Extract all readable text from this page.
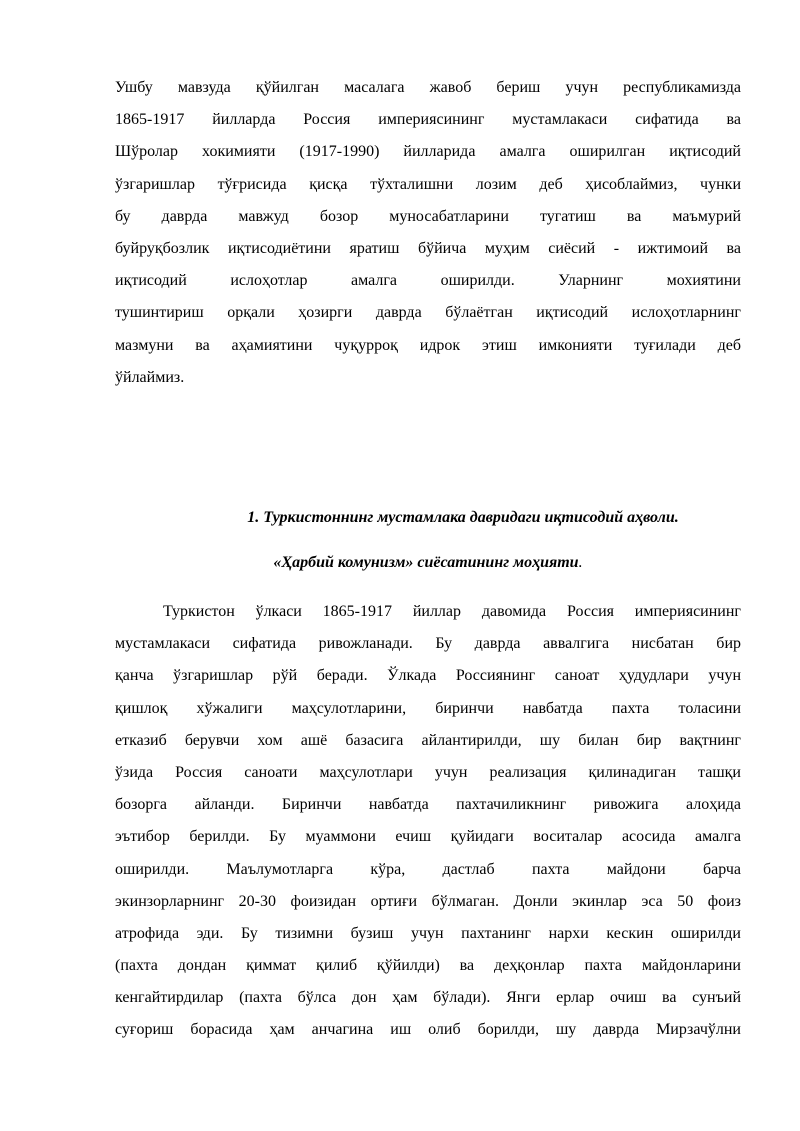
Ушбу мавзуда қўйилган масалага жавоб бериш учун республикамизда
1865-1917 йилларда Россия империясининг мустамлакаси сифатида ва
Шўролар хокимияти (1917-1990) йилларида амалга оширилган иқтисодий
ўзгаришлар тўғрисида қисқа тўхталишни лозим деб ҳисоблаймиз, чунки
бу даврда мавжуд бозор муносабатларини тугатиш ва маъмурий
буйруқбозлик иқтисодиётини яратиш бўйича муҳим сиёсий - ижтимоий ва
иқтисодий ислоҳотлар амалга оширилди. Уларнинг мохиятини
тушинтириш орқали ҳозирги даврда бўлаётган иқтисодий ислоҳотларнинг
мазмуни ва аҳамиятини чуқурроқ идрок этиш имконияти туғилади деб
ўйлаймиз.
1. Туркистоннинг мустамлака давридаги иқтисодий аҳволи.
«Ҳарбий комунизм» сиёсатининг моҳияти.
Туркистон ўлкаси 1865-1917 йиллар давомида Россия империясининг
мустамлакаси сифатида ривожланади. Бу даврда аввалгига нисбатан бир
қанча ўзгаришлар рўй беради. Ўлкада Россиянинг саноат ҳудудлари учун
қишлоқ хўжалиги маҳсулотларини, биринчи навбатда пахта толасини
етказиб берувчи хом ашё базасига айлантирилди, шу билан бир вақтнинг
ўзида Россия саноати маҳсулотлари учун реализация қилинадиган ташқи
бозорга айланди. Биринчи навбатда пахтачиликнинг ривожига алоҳида
эътибор берилди. Бу муаммони ечиш қуйидаги воситалар асосида амалга
оширилди. Маълумотларга кўра, дастлаб пахта майдони барча
экинзорларнинг 20-30 фоизидан ортиғи бўлмаган. Донли экинлар эса 50 фоиз
атрофида эди. Бу тизимни бузиш учун пахтанинг нархи кескин оширилди
(пахта дондан қиммат қилиб қўйилди) ва деҳқонлар пахта майдонларини
кенгайтирдилар (пахта бўлса дон ҳам бўлади). Янги ерлар очиш ва сунъий
суғориш борасида ҳам анчагина иш олиб борилди, шу даврда Мирзачўлни
